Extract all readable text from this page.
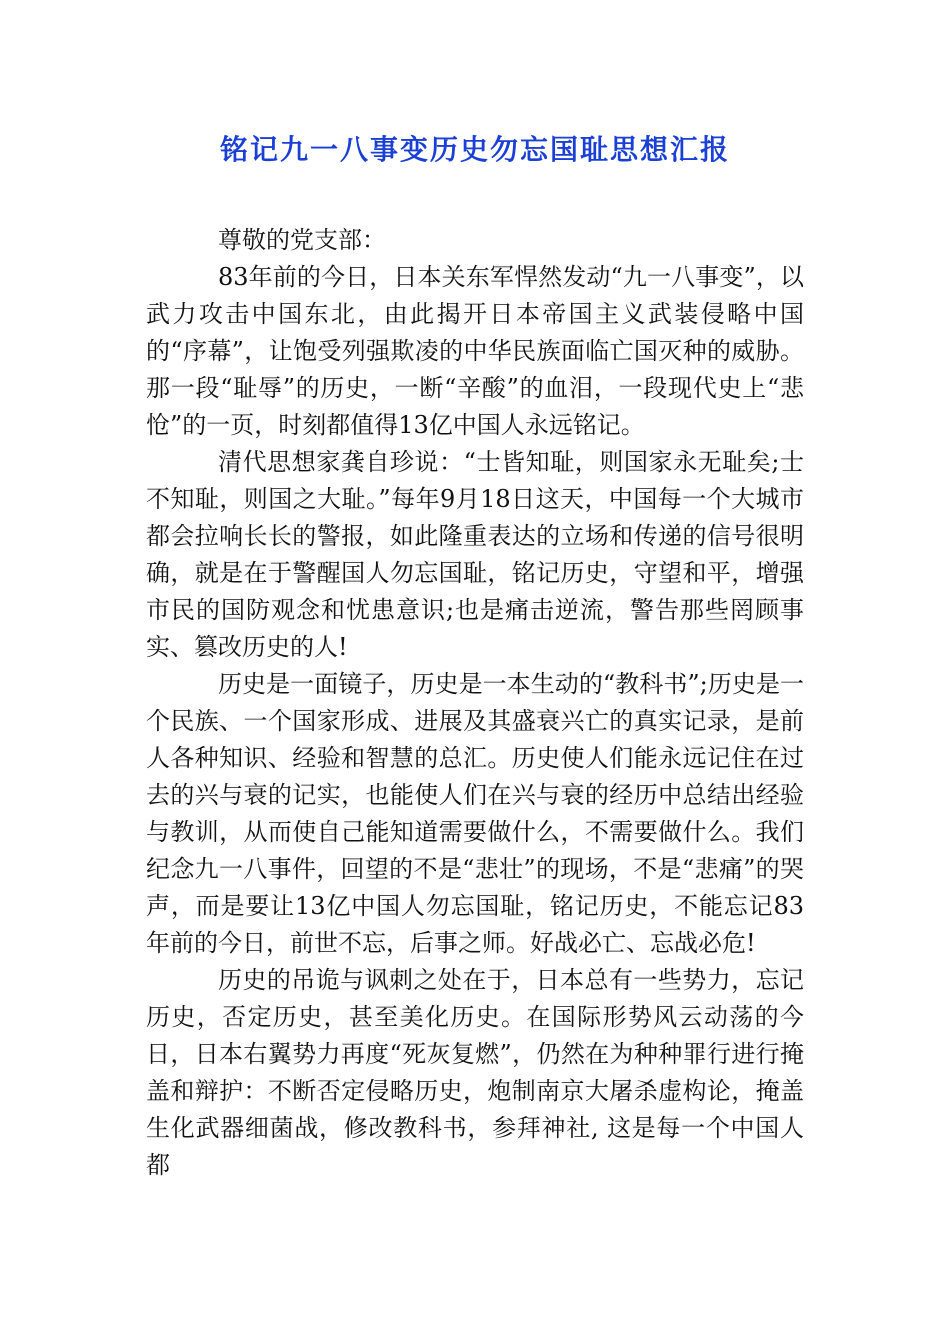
铭记九一八事变历史勿忘国耻思想汇报

尊敬的党支部：

83年前的今日，日本关东军悍然发动“九一八事变”，以武力攻击中国东北，由此揭开日本帝国主义武装侵略中国的“序幕”，让饱受列强欺凌的中华民族面临亡国灭种的威胁。那一段“耻辱”的历史，一断“辛酸”的血泪，一段现代史上“悲怆”的一页，时刻都值得13亿中国人永远铭记。

清代思想家龚自珍说：“士皆知耻，则国家永无耻矣;士不知耻，则国之大耻。”每年9月18日这天，中国每一个大城市都会拉响长长的警报，如此隆重表达的立场和传递的信号很明确，就是在于警醒国人勿忘国耻，铭记历史，守望和平，增强市民的国防观念和忧患意识;也是痛击逆流，警告那些罔顾事实、篡改历史的人!

历史是一面镜子，历史是一本生动的“教科书”;历史是一个民族、一个国家形成、进展及其盛衰兴亡的真实记录，是前人各种知识、经验和智慧的总汇。历史使人们能永远记住在过去的兴与衰的记实，也能使人们在兴与衰的经历中总结出经验与教训，从而使自己能知道需要做什么，不需要做什么。我们纪念九一八事件，回望的不是“悲壮”的现场，不是“悲痛”的哭声，而是要让13亿中国人勿忘国耻，铭记历史，不能忘记83年前的今日，前世不忘，后事之师。好战必亡、忘战必危!

历史的吊诡与讽刺之处在于，日本总有一些势力，忘记历史，否定历史，甚至美化历史。在国际形势风云动荡的今日，日本右翼势力再度“死灰复燃”，仍然在为种种罪行进行掩盖和辩护：不断否定侵略历史，炮制南京大屠杀虚构论，掩盖生化武器细菌战，修改教科书，参拜神社, 这是每一个中国人都
